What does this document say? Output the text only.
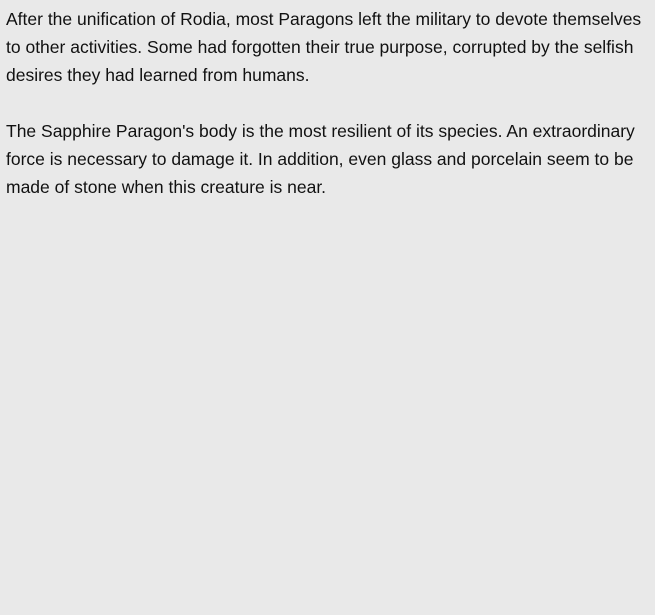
After the unification of Rodia, most Paragons left the military to devote themselves to other activities. Some had forgotten their true purpose, corrupted by the selfish desires they had learned from humans.

The Sapphire Paragon's body is the most resilient of its species. An extraordinary force is necessary to damage it. In addition, even glass and porcelain seem to be made of stone when this creature is near.
